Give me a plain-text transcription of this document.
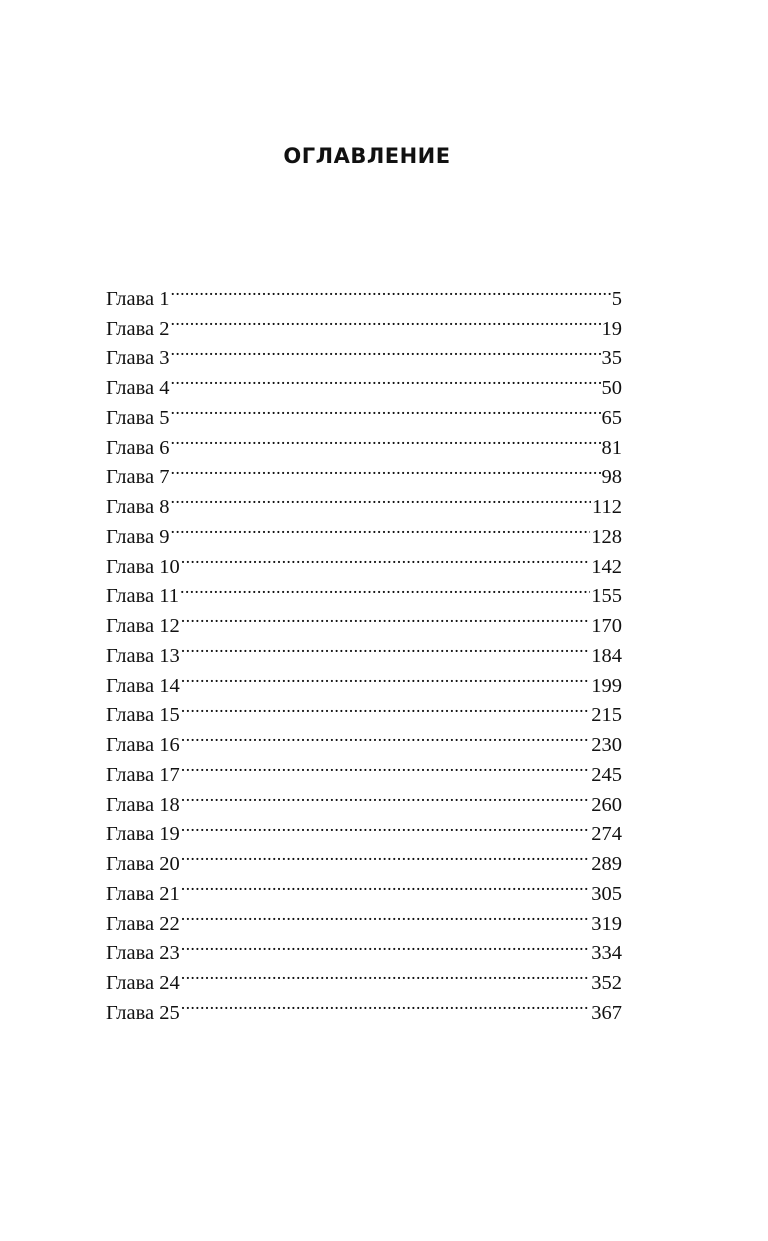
ОГЛАВЛЕНИЕ
Глава 1 .....	5
Глава 2 .....	19
Глава 3 .....	35
Глава 4 .....	50
Глава 5 .....	65
Глава 6 .....	81
Глава 7 .....	98
Глава 8 .....	112
Глава 9 .....	128
Глава 10 .....	142
Глава 11 .....	155
Глава 12 .....	170
Глава 13 .....	184
Глава 14 .....	199
Глава 15 .....	215
Глава 16 .....	230
Глава 17 .....	245
Глава 18 .....	260
Глава 19 .....	274
Глава 20 .....	289
Глава 21 .....	305
Глава 22 .....	319
Глава 23 .....	334
Глава 24 .....	352
Глава 25 .....	367
